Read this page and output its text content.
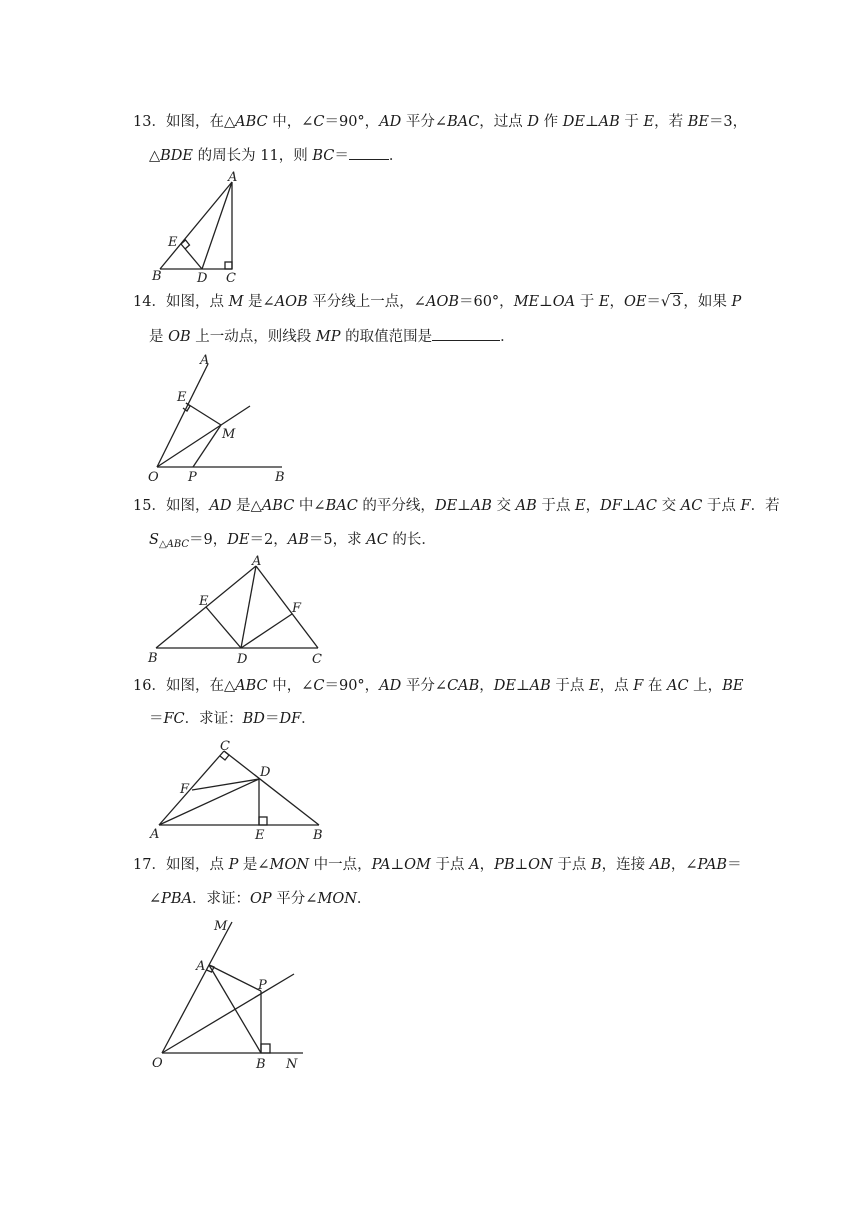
13．如图，在△ABC 中，∠C＝90°，AD 平分∠BAC，过点 D 作 DE⊥AB 于 E，若 BE＝3，
△BDE 的周长为 11，则 BC＝	．
A
E
B	D C
14．如图，点 M 是∠AOB 平分线上一点，∠AOB＝60°，ME⊥OA 于 E，OE＝√ 3 ，如果 P
是 OB 上一动点，则线段 MP 的取值范围是	．
A
E
M
O P	B
15．如图，AD 是△ABC 中∠BAC 的平分线，DE⊥AB 交 AB 于点 E，DF⊥AC 交 AC 于点 F．若
$S_{\triangle ABC}=9$，DE＝2，AB＝5，求 AC 的长．
A
E	F
B	D	C
16．如图，在△ABC 中，∠C＝90°，AD 平分∠CAB，DE⊥AB 于点 E，点 F 在 AC 上，BE
＝FC．求证：BD＝DF．
C
D
F
A	E	B
17．如图，点 P 是∠MON 中一点，PA⊥OM 于点 A，PB⊥ON 于点 B，连接 AB，∠PAB＝
∠PBA．求证：OP 平分∠MON．
M
A
P
O	B N
